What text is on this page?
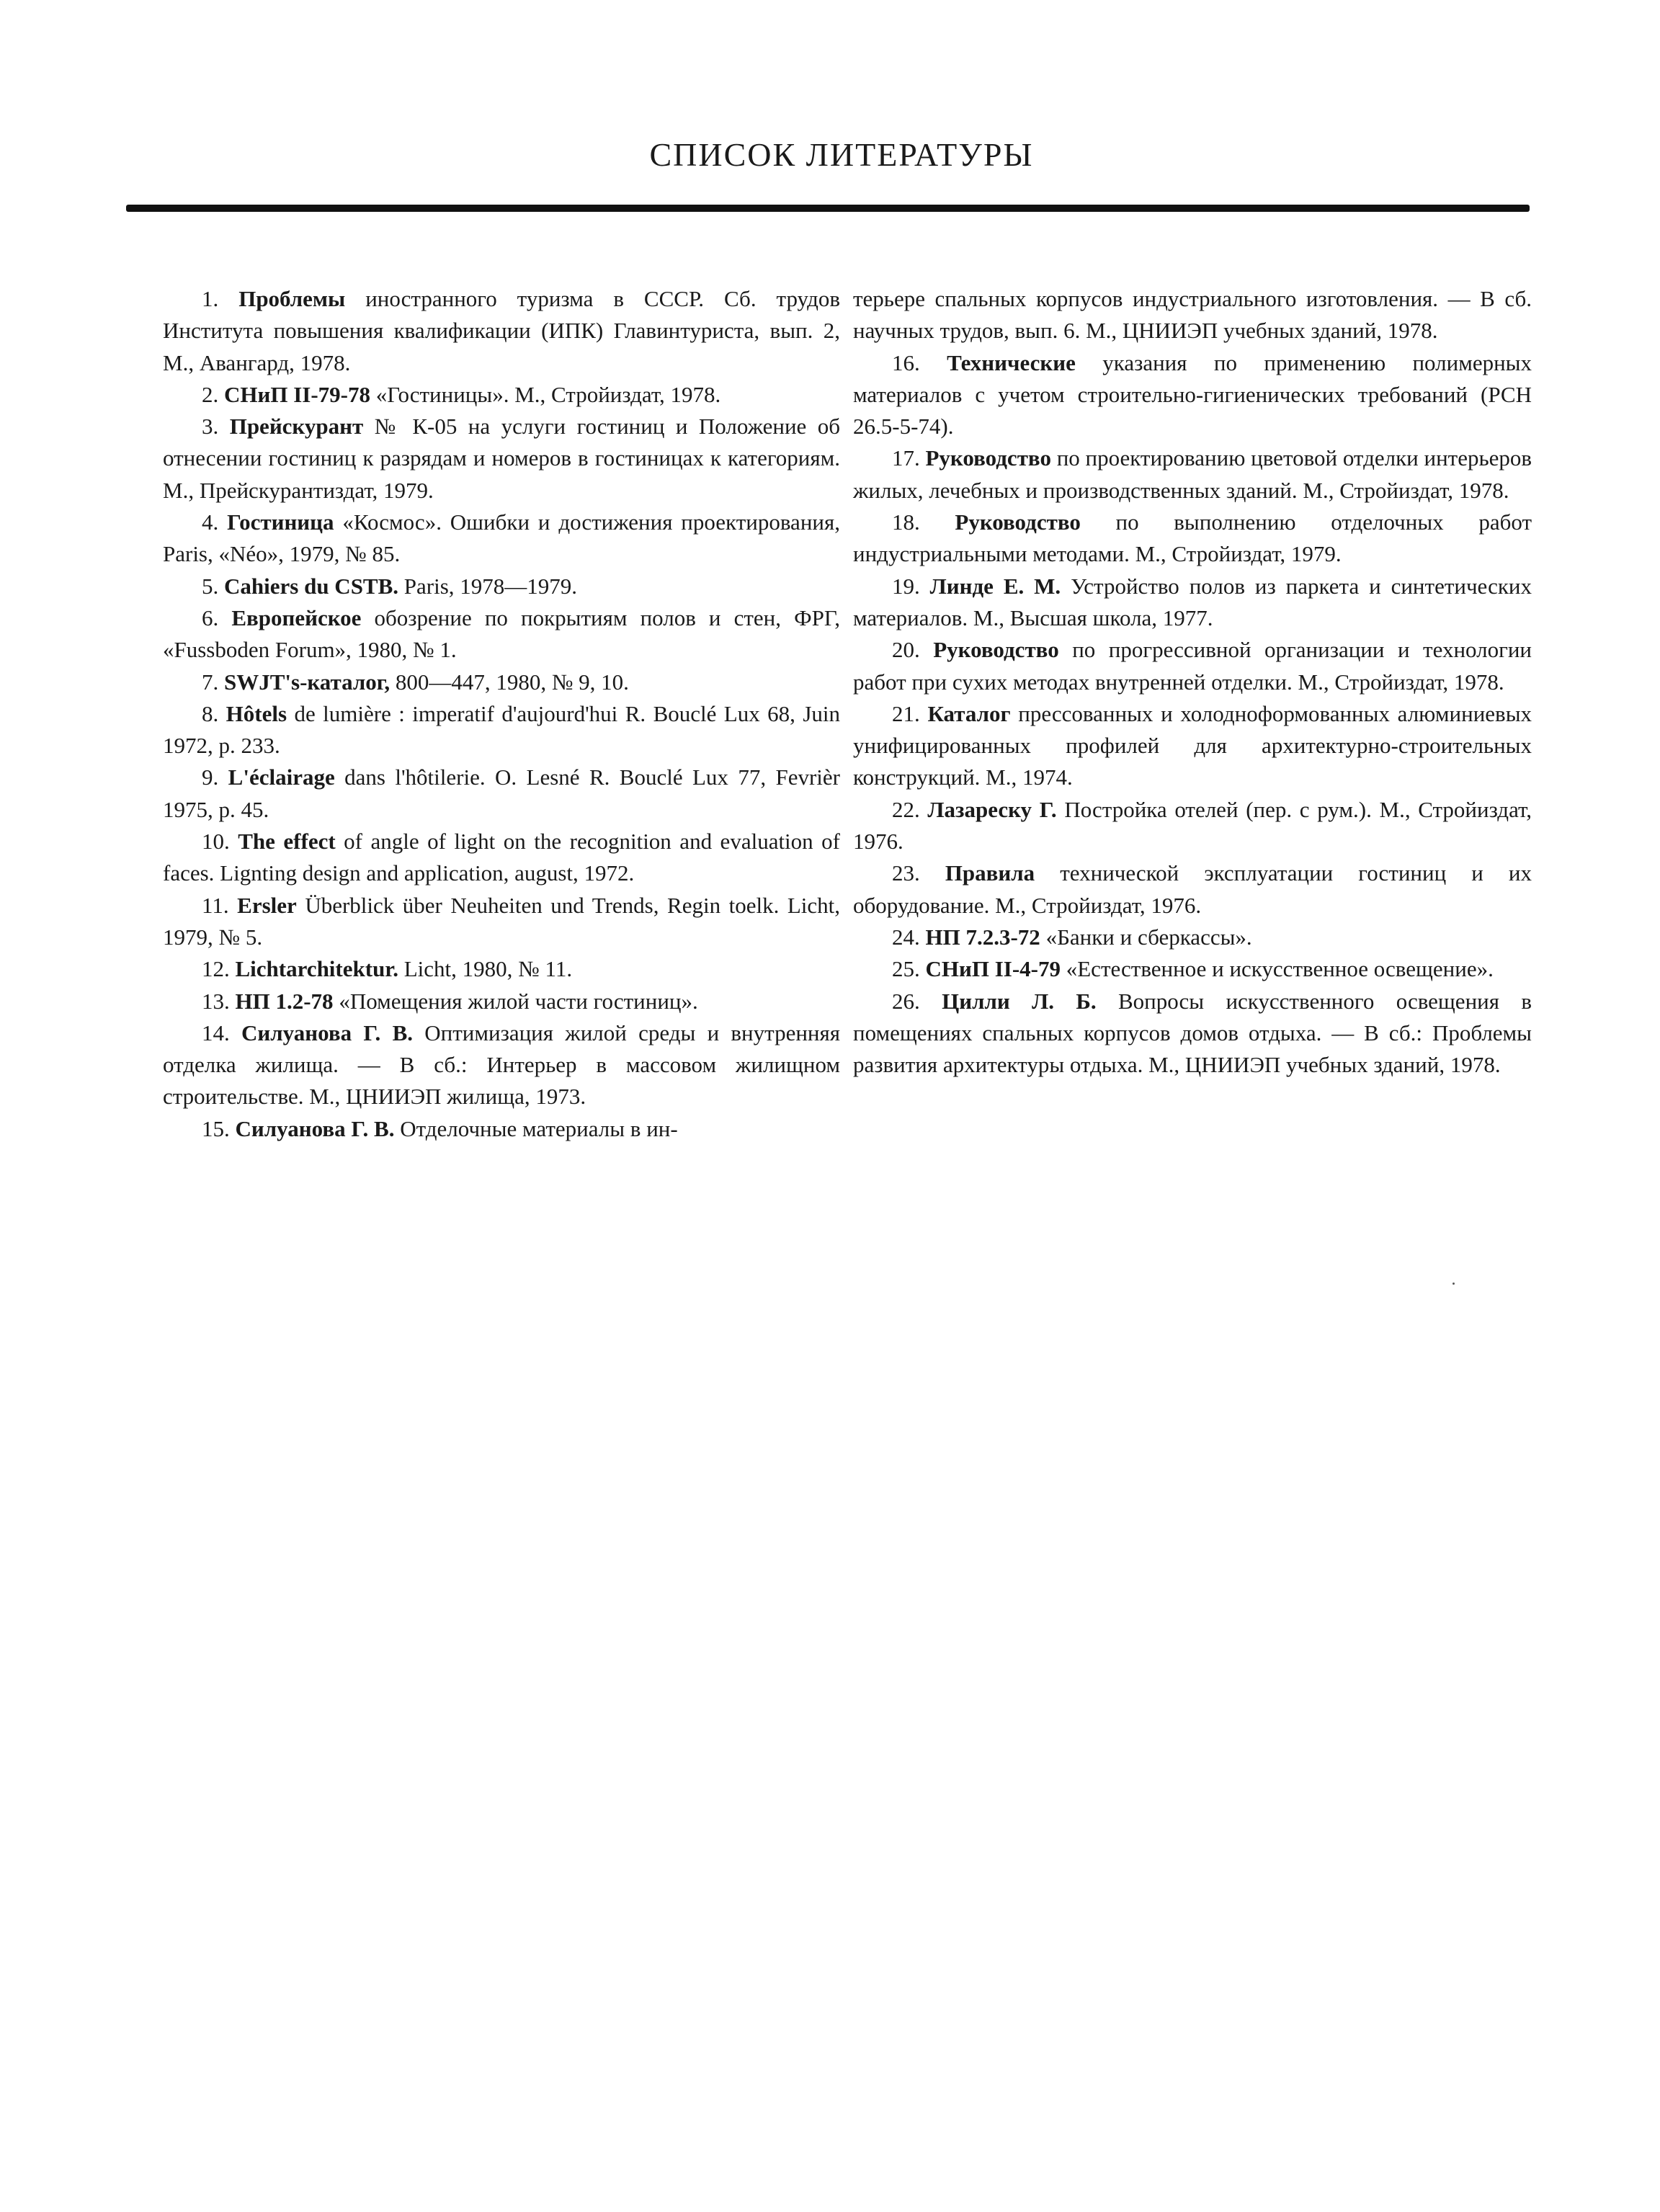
СПИСОК ЛИТЕРАТУРЫ

1. Проблемы иностранного туризма в СССР. Сб. трудов Института повышения квалификации (ИПК) Главинтуриста, вып. 2, М., Авангард, 1978.

2. СНиП II-79-78 «Гостиницы». М., Стройиздат, 1978.

3. Прейскурант № К-05 на услуги гостиниц и Положение об отнесении гостиниц к разрядам и номеров в гостиницах к категориям. М., Прейскурантиздат, 1979.

4. Гостиница «Космос». Ошибки и достижения проектирования, Paris, «Néo», 1979, № 85.

5. Cahiers du CSTB. Paris, 1978—1979.

6. Европейское обозрение по покрытиям полов и стен, ФРГ, «Fussboden Forum», 1980, № 1.

7. SWJT's-каталог, 800—447, 1980, № 9, 10.

8. Hôtels de lumière : imperatif d'aujourd'hui R. Bouclé Lux 68, Juin 1972, p. 233.

9. L'éclairage dans l'hôtilerie. O. Lesné R. Bouclé Lux 77, Fevrièr 1975, p. 45.

10. The effect of angle of light on the recognition and evaluation of faces. Lignting design and application, august, 1972.

11. Ersler Überblick über Neuheiten und Trends, Regin toelk. Licht, 1979, № 5.

12. Lichtarchitektur. Licht, 1980, № 11.

13. НП 1.2-78 «Помещения жилой части гостиниц».

14. Силуанова Г. В. Оптимизация жилой среды и внутренняя отделка жилища. — В сб.: Интерьер в массовом жилищном строительстве. М., ЦНИИЭП жилища, 1973.

15. Силуанова Г. В. Отделочные материалы в ин-

терьере спальных корпусов индустриального изготовления. — В сб. научных трудов, вып. 6. М., ЦНИИЭП учебных зданий, 1978.

16. Технические указания по применению полимерных материалов с учетом строительно-гигиенических требований (РСН 26.5-5-74).

17. Руководство по проектированию цветовой отделки интерьеров жилых, лечебных и производственных зданий. М., Стройиздат, 1978.

18. Руководство по выполнению отделочных работ индустриальными методами. М., Стройиздат, 1979.

19. Линде Е. М. Устройство полов из паркета и синтетических материалов. М., Высшая школа, 1977.

20. Руководство по прогрессивной организации и технологии работ при сухих методах внутренней отделки. М., Стройиздат, 1978.

21. Каталог прессованных и холодноформованных алюминиевых унифицированных профилей для архитектурно-строительных конструкций. М., 1974.

22. Лазареску Г. Постройка отелей (пер. с рум.). М., Стройиздат, 1976.

23. Правила технической эксплуатации гостиниц и их оборудование. М., Стройиздат, 1976.

24. НП 7.2.3-72 «Банки и сберкассы».

25. СНиП II-4-79 «Естественное и искусственное освещение».

26. Цилли Л. Б. Вопросы искусственного освещения в помещениях спальных корпусов домов отдыха. — В сб.: Проблемы развития архитектуры отдыха. М., ЦНИИЭП учебных зданий, 1978.
